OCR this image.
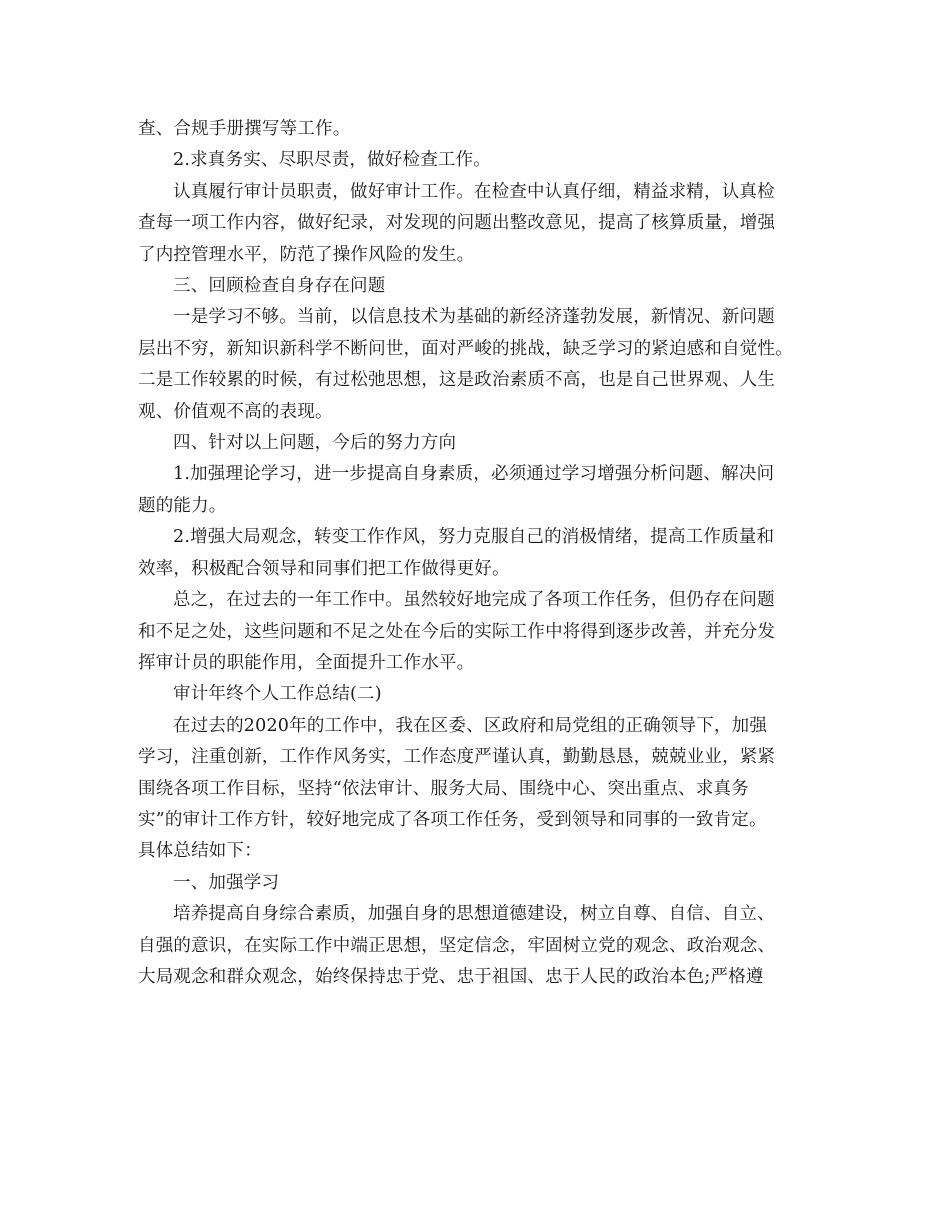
查、合规手册撰写等工作。

2.求真务实、尽职尽责，做好检查工作。

认真履行审计员职责，做好审计工作。在检查中认真仔细，精益求精，认真检
查每一项工作内容，做好纪录，对发现的问题出整改意见，提高了核算质量，增强
了内控管理水平，防范了操作风险的发生。

三、回顾检查自身存在问题

一是学习不够。当前，以信息技术为基础的新经济蓬勃发展，新情况、新问题
层出不穷，新知识新科学不断问世，面对严峻的挑战，缺乏学习的紧迫感和自觉性。
二是工作较累的时候，有过松弛思想，这是政治素质不高，也是自己世界观、人生
观、价值观不高的表现。

四、针对以上问题，今后的努力方向

1.加强理论学习，进一步提高自身素质，必须通过学习增强分析问题、解决问
题的能力。

2.增强大局观念，转变工作作风，努力克服自己的消极情绪，提高工作质量和
效率，积极配合领导和同事们把工作做得更好。

总之，在过去的一年工作中。虽然较好地完成了各项工作任务，但仍存在问题
和不足之处，这些问题和不足之处在今后的实际工作中将得到逐步改善，并充分发
挥审计员的职能作用，全面提升工作水平。

审计年终个人工作总结(二)

在过去的2020年的工作中，我在区委、区政府和局党组的正确领导下，加强
学习，注重创新，工作作风务实，工作态度严谨认真，勤勤恳恳，兢兢业业，紧紧
围绕各项工作目标，坚持“依法审计、服务大局、围绕中心、突出重点、求真务
实”的审计工作方针，较好地完成了各项工作任务，受到领导和同事的一致肯定。
具体总结如下：

一、加强学习

培养提高自身综合素质，加强自身的思想道德建设，树立自尊、自信、自立、
自强的意识，在实际工作中端正思想，坚定信念，牢固树立党的观念、政治观念、
大局观念和群众观念，始终保持忠于党、忠于祖国、忠于人民的政治本色;严格遵
